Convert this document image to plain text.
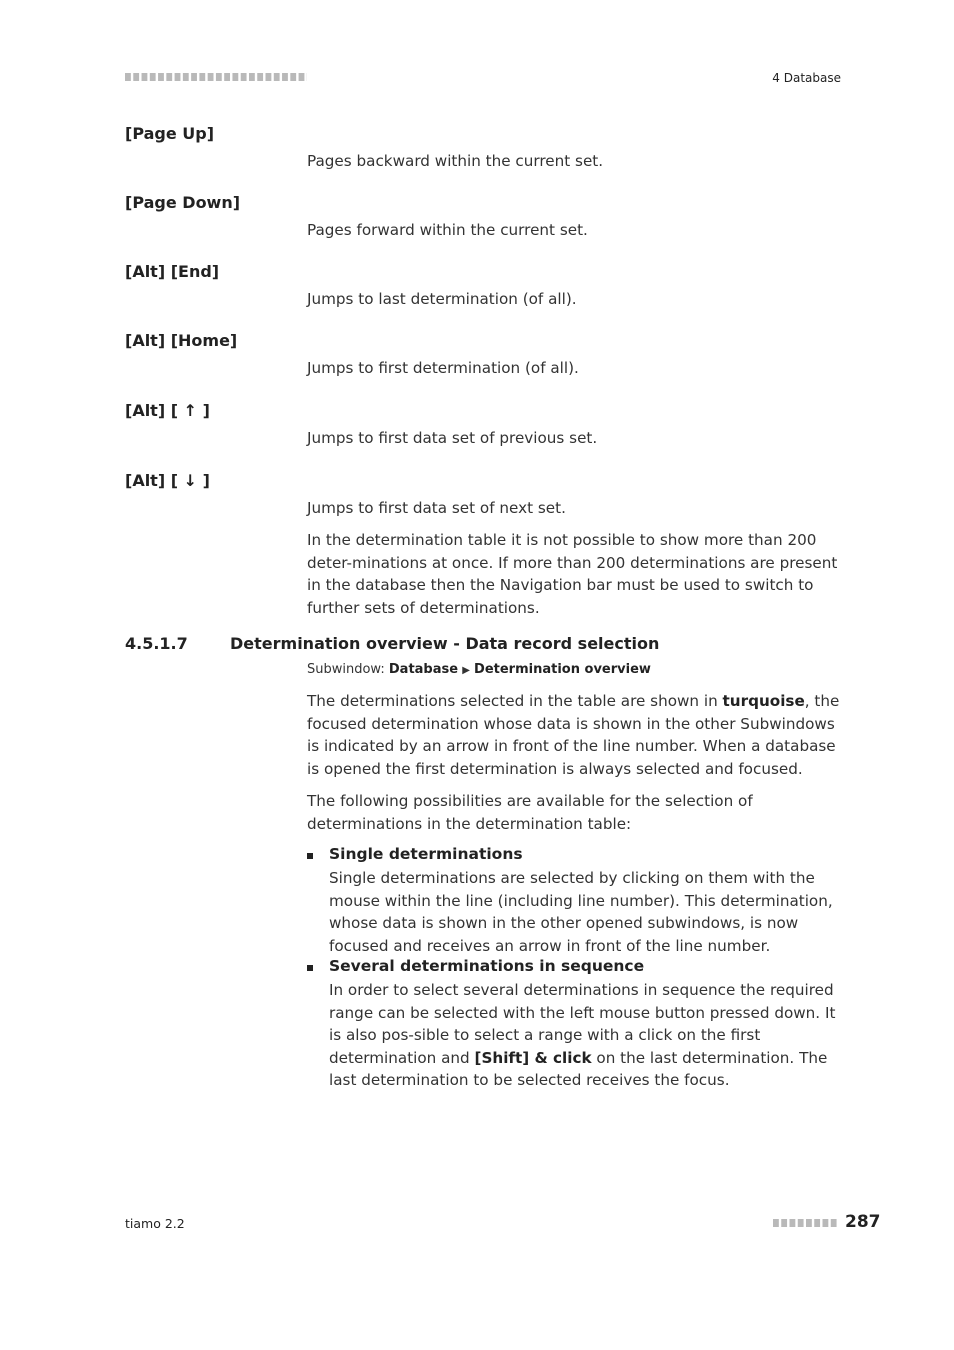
4 Database
[Page Up]
Pages backward within the current set.
[Page Down]
Pages forward within the current set.
[Alt] [End]
Jumps to last determination (of all).
[Alt] [Home]
Jumps to first determination (of all).
[Alt] [ ↑ ]
Jumps to first data set of previous set.
[Alt] [ ↓ ]
Jumps to first data set of next set.
In the determination table it is not possible to show more than 200 deter-minations at once. If more than 200 determinations are present in the database then the Navigation bar must be used to switch to further sets of determinations.
4.5.1.7	Determination overview - Data record selection
Subwindow: Database ▶ Determination overview
The determinations selected in the table are shown in turquoise, the focused determination whose data is shown in the other Subwindows is indicated by an arrow in front of the line number. When a database is opened the first determination is always selected and focused.
The following possibilities are available for the selection of determinations in the determination table:
Single determinations
Single determinations are selected by clicking on them with the mouse within the line (including line number). This determination, whose data is shown in the other opened subwindows, is now focused and receives an arrow in front of the line number.
Several determinations in sequence
In order to select several determinations in sequence the required range can be selected with the left mouse button pressed down. It is also pos-sible to select a range with a click on the first determination and [Shift] & click on the last determination. The last determination to be selected receives the focus.
tiamo 2.2	287
